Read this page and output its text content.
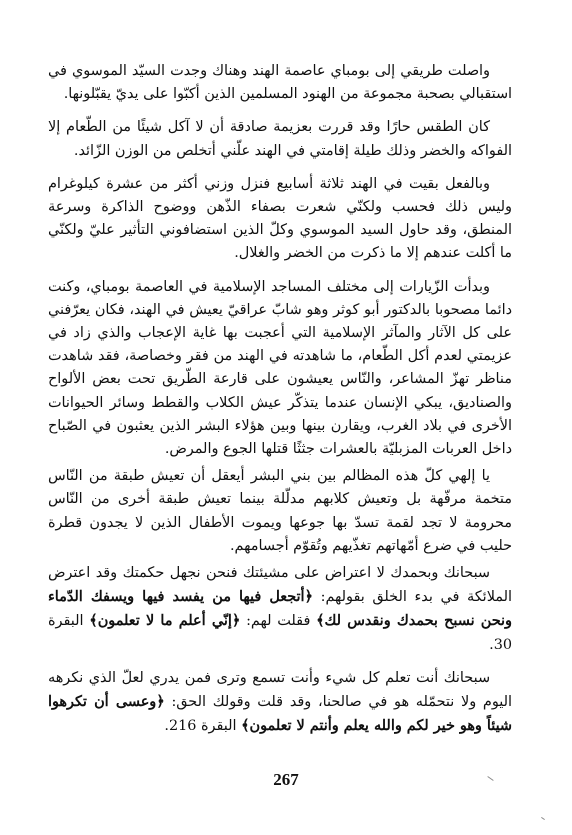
واصلت طريقي إلى بومباي عاصمة الهند وهناك وجدت السيّد الموسوي في استقبالي بصحبة مجموعة من الهنود المسلمين الذين أكبّوا على يديّ يقبّلونها.

كان الطقس حارًا وقد قررت بعزيمة صادقة أن لا آكل شيئًا من الطّعام إلا الفواكه والخضر وذلك طيلة إقامتي في الهند علّني أتخلص من الوزن الزّائد.

وبالفعل بقيت في الهند ثلاثة أسابيع فنزل وزني أكثر من عشرة كيلوغرام وليس ذلك فحسب ولكنّي شعرت بصفاء الذّهن ووضوح الذاكرة وسرعة المنطق، وقد حاول السيد الموسوي وكلّ الذين استضافوني التأثير عليّ ولكنّي ما أكلت عندهم إلا ما ذكرت من الخضر والغلال.

وبدأت الزّيارات إلى مختلف المساجد الإسلامية في العاصمة بومباي، وكنت دائما مصحوبا بالدكتور أبو كوثر وهو شابّ عراقيّ يعيش في الهند، فكان يعرّفني على كل الآثار والمآثر الإسلامية التي أعجبت بها غاية الإعجاب والذي زاد في عزيمتي لعدم أكل الطّعام، ما شاهدته في الهند من فقر وخصاصة، فقد شاهدت مناظر تهزّ المشاعر، والنّاس يعيشون على قارعة الطّريق تحت بعض الألواح والصناديق، يبكي الإنسان عندما يتذكّر عيش الكلاب والقطط وسائر الحيوانات الأخرى في بلاد الغرب، ويقارن بينها وبين هؤلاء البشر الذين يعثبون في الصّباح داخل العربات المزبليّة بالعشرات جثثًا قتلها الجوع والمرض.

يا إلهي كلّ هذه المظالم بين بني البشر أيعقل أن تعيش طبقة من النّاس متخمة مرفّهة بل وتعيش كلابهم مدلّلة بينما تعيش طبقة أخرى من النّاس محرومة لا تجد لقمة تسدّ بها جوعها ويموت الأطفال الذين لا يجدون قطرة حليب في ضرع أمّهاتهم تغذّيهم وتُقوّم أجسامهم.

سبحانك وبحمدك لا اعتراض على مشيئتك فنحن نجهل حكمتك وقد اعترض الملائكة في بدء الخلق بقولهم: ﴿أتجعل فيها من يفسد فيها ويسفك الدّماء ونحن نسبح بحمدك ونقدس لك﴾ فقلت لهم: ﴿إنّي أعلم ما لا تعلمون﴾ البقرة 30.

سبحانك أنت تعلم كل شيء وأنت تسمع وترى فمن يدري لعلّ الذي نكرهه اليوم ولا نتحمّله هو في صالحنا، وقد قلت وقولك الحق: ﴿وعسى أن تكرهوا شيئاً وهو خير لكم والله يعلم وأنتم لا تعلمون﴾ البقرة 216.

267
